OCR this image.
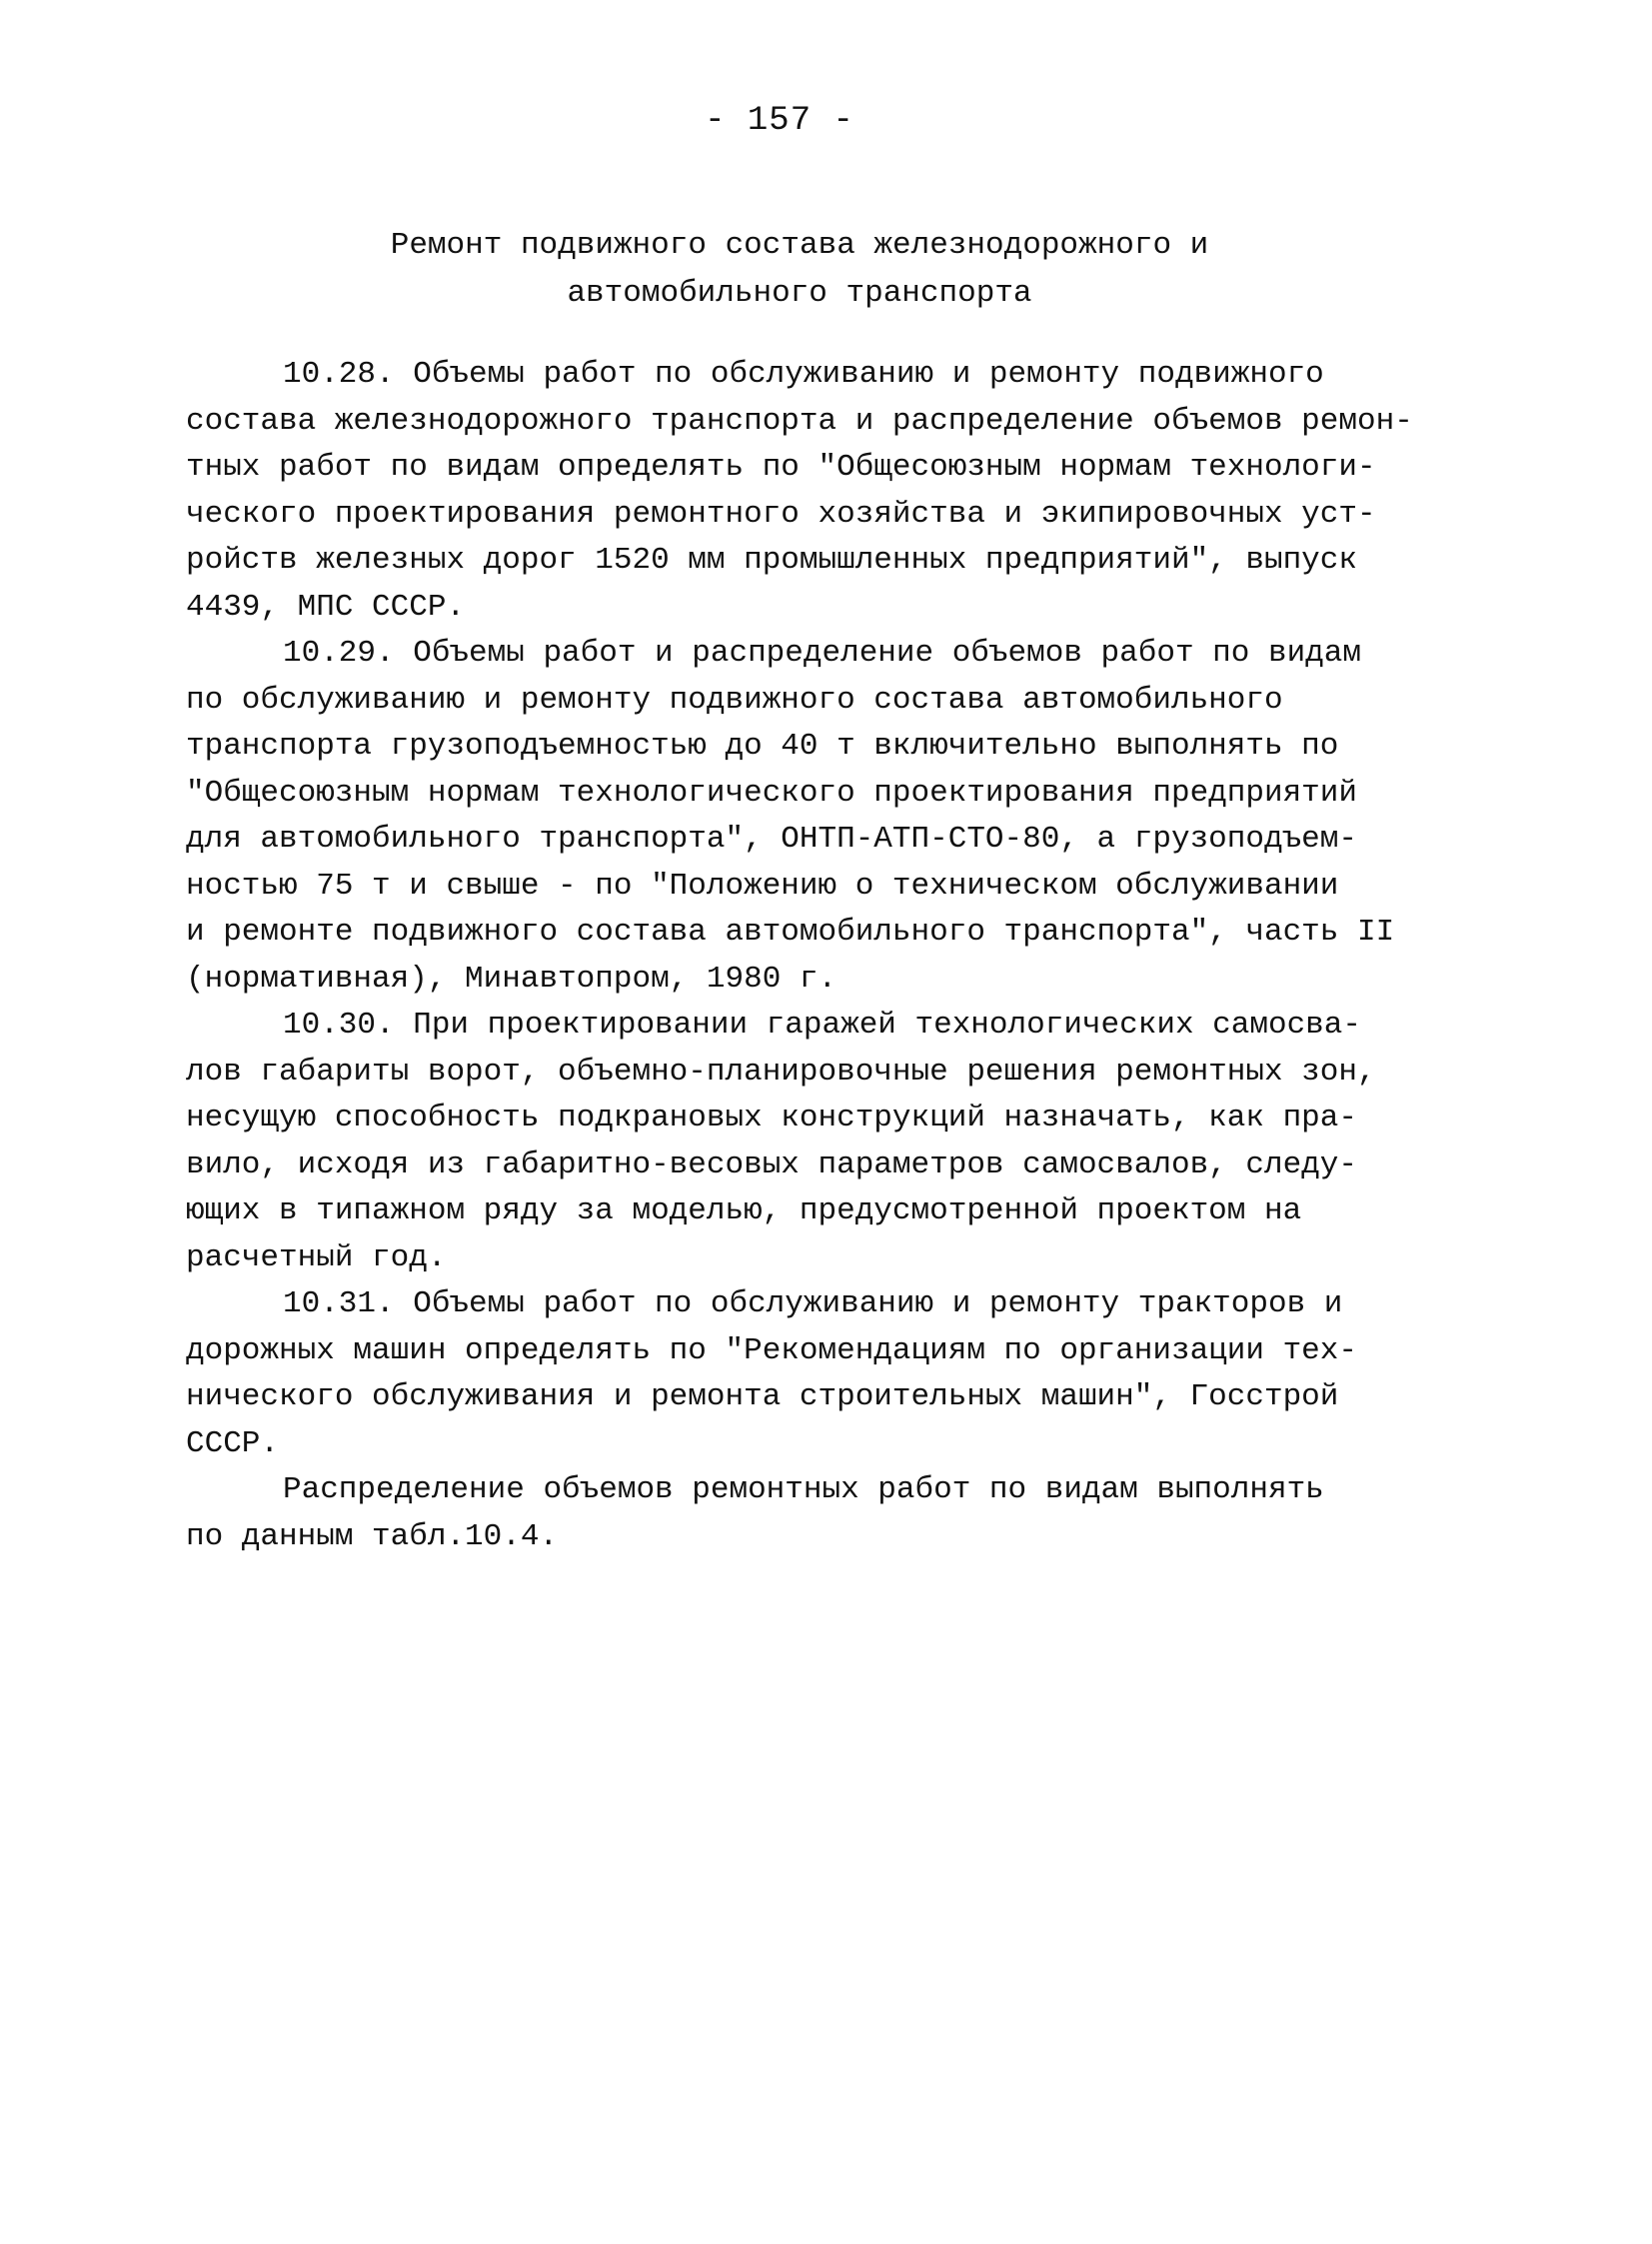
- 157 -
Ремонт подвижного состава железнодорожного и
автомобильного транспорта
10.28. Объемы работ по обслуживанию и ремонту подвижного
состава железнодорожного транспорта и распределение объемов ремон-
тных работ по видам определять по "Общесоюзным нормам технологи-
ческого проектирования ремонтного хозяйства и экипировочных уст-
ройств железных дорог 1520 мм промышленных предприятий", выпуск
4439, МПС СССР.
10.29. Объемы работ и распределение объемов работ по видам
по обслуживанию и ремонту подвижного состава автомобильного
транспорта грузоподъемностью до 40 т включительно выполнять по
"Общесоюзным нормам технологического проектирования предприятий
для автомобильного транспорта", ОНТП-АТП-СТО-80, а грузоподъем-
ностью 75 т и свыше - по "Положению о техническом обслуживании
и ремонте подвижного состава автомобильного транспорта", часть II
(нормативная), Минавтопром, 1980 г.
10.30. При проектировании гаражей технологических самосва-
лов габариты ворот, объемно-планировочные решения ремонтных зон,
несущую способность подкрановых конструкций назначать, как пра-
вило, исходя из габаритно-весовых параметров самосвалов, следу-
ющих в типажном ряду за моделью, предусмотренной проектом на
расчетный год.
10.31. Объемы работ по обслуживанию и ремонту тракторов и
дорожных машин определять по "Рекомендациям по организации тех-
нического обслуживания и ремонта строительных машин", Госстрой
СССР.
Распределение объемов ремонтных работ по видам выполнять
по данным табл.10.4.
